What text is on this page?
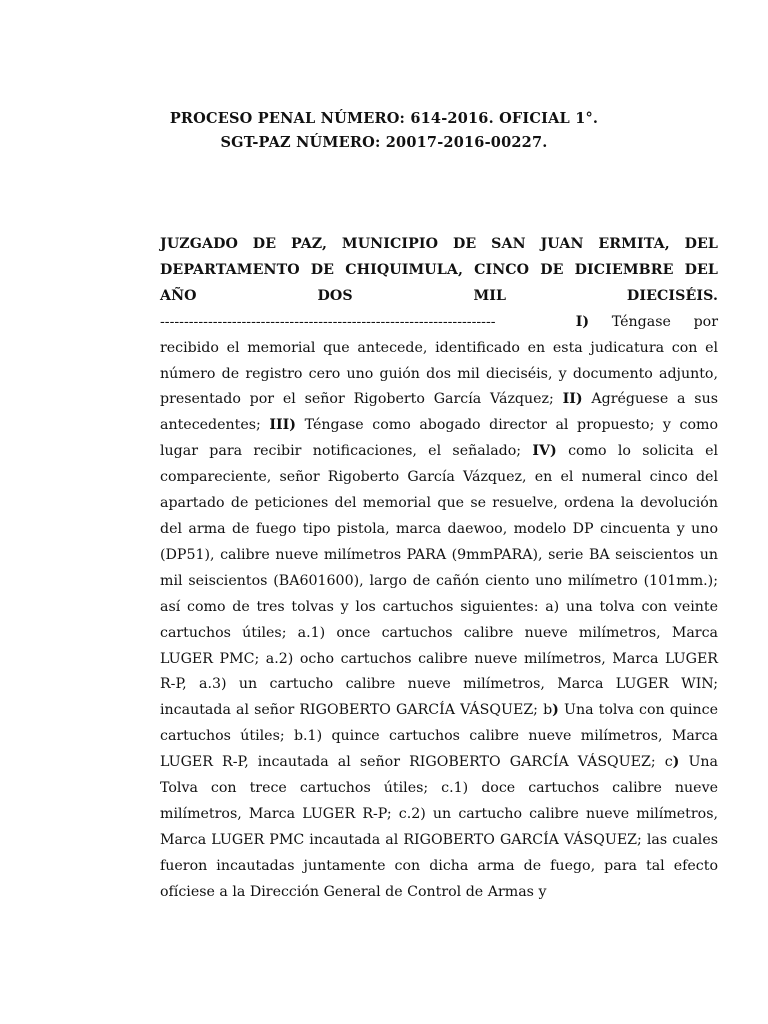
PROCESO PENAL NÚMERO: 614-2016. OFICIAL 1°.
SGT-PAZ NÚMERO: 20017-2016-00227.

JUZGADO DE PAZ, MUNICIPIO DE SAN JUAN ERMITA, DEL DEPARTAMENTO DE CHIQUIMULA, CINCO DE DICIEMBRE DEL AÑO DOS MIL DIECISÉIS.----------------------------------------------------------------------	I) Téngase por recibido el memorial que antecede, identificado en esta judicatura con el número de registro cero uno guión dos mil dieciséis, y documento adjunto, presentado por el señor Rigoberto García Vázquez; II) Agréguese a sus antecedentes; III) Téngase como abogado director al propuesto; y como lugar para recibir notificaciones, el señalado; IV) como lo solicita el compareciente, señor Rigoberto García Vázquez, en el numeral cinco del apartado de peticiones del memorial que se resuelve, ordena la devolución del arma de fuego tipo pistola, marca daewoo, modelo DP cincuenta y uno (DP51), calibre nueve milímetros PARA (9mmPARA), serie BA seiscientos un mil seiscientos (BA601600), largo de cañón ciento uno milímetro (101mm.); así como de tres tolvas y los cartuchos siguientes: a) una tolva con veinte cartuchos útiles; a.1) once cartuchos calibre nueve milímetros, Marca LUGER PMC; a.2) ocho cartuchos calibre nueve milímetros, Marca LUGER R-P, a.3) un cartucho calibre nueve milímetros, Marca LUGER WIN; incautada al señor RIGOBERTO GARCÍA VÁSQUEZ; b) Una tolva con quince cartuchos útiles; b.1) quince cartuchos calibre nueve milímetros, Marca LUGER R-P, incautada al señor RIGOBERTO GARCÍA VÁSQUEZ; c) Una Tolva con trece cartuchos útiles; c.1) doce cartuchos calibre nueve milímetros, Marca LUGER R-P; c.2) un cartucho calibre nueve milímetros, Marca LUGER PMC incautada al RIGOBERTO GARCÍA VÁSQUEZ; las cuales fueron incautadas juntamente con dicha arma de fuego, para tal efecto ofíciese a la Dirección General de Control de Armas y
